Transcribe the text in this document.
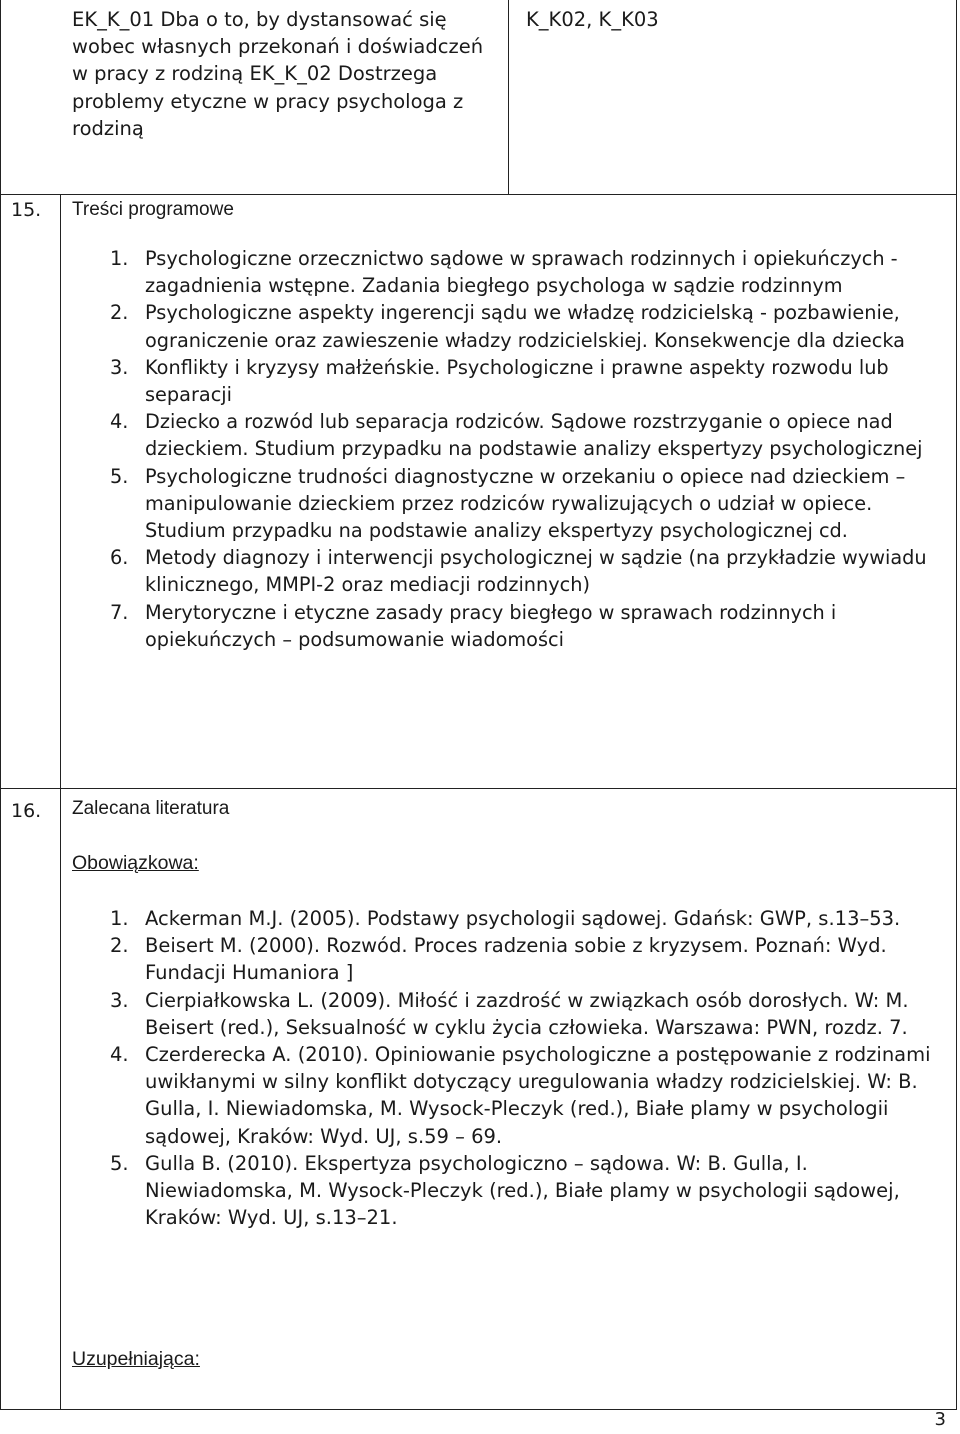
EK_K_01 Dba o to, by dystansować się wobec własnych przekonań i doświadczeń w pracy z rodziną EK_K_02 Dostrzega problemy etyczne w pracy psychologa z rodziną

K_K02, K_K03

15. Treści programowe

1. Psychologiczne orzecznictwo sądowe w sprawach rodzinnych i opiekuńczych - zagadnienia wstępne. Zadania biegłego psychologa w sądzie rodzinnym
2. Psychologiczne aspekty ingerencji sądu we władzę rodzicielską - pozbawienie, ograniczenie oraz zawieszenie władzy rodzicielskiej. Konsekwencje dla dziecka
3. Konflikty i kryzysy małżeńskie. Psychologiczne i prawne aspekty rozwodu lub separacji
4. Dziecko a rozwód lub separacja rodziców. Sądowe rozstrzyganie o opiece nad dzieckiem. Studium przypadku na podstawie analizy ekspertyzy psychologicznej
5. Psychologiczne trudności diagnostyczne w orzekaniu o opiece nad dzieckiem – manipulowanie dzieckiem przez rodziców rywalizujących o udział w opiece. Studium przypadku na podstawie analizy ekspertyzy psychologicznej cd.
6. Metody diagnozy i interwencji psychologicznej w sądzie (na przykładzie wywiadu klinicznego, MMPI-2 oraz mediacji rodzinnych)
7. Merytoryczne i etyczne zasady pracy biegłego w sprawach rodzinnych i opiekuńczych – podsumowanie wiadomości

16. Zalecana literatura

Obowiązkowa:

1. Ackerman M.J. (2005). Podstawy psychologii sądowej. Gdańsk: GWP, s.13–53.
2. Beisert M. (2000). Rozwód. Proces radzenia sobie z kryzysem. Poznań: Wyd. Fundacji Humaniora ]
3. Cierpiałkowska L. (2009). Miłość i zazdrość w związkach osób dorosłych. W: M. Beisert (red.), Seksualność w cyklu życia człowieka. Warszawa: PWN, rozdz. 7.
4. Czerderecka A. (2010). Opiniowanie psychologiczne a postępowanie z rodzinami uwikłanymi w silny konflikt dotyczący uregulowania władzy rodzicielskiej. W: B. Gulla, I. Niewiadomska, M. Wysock-Pleczyk (red.), Białe plamy w psychologii sądowej, Kraków: Wyd. UJ, s.59 – 69.
5. Gulla B. (2010). Ekspertyza psychologiczno – sądowa. W: B. Gulla, I. Niewiadomska, M. Wysock-Pleczyk (red.), Białe plamy w psychologii sądowej, Kraków: Wyd. UJ, s.13–21.

Uzupełniająca:

3
